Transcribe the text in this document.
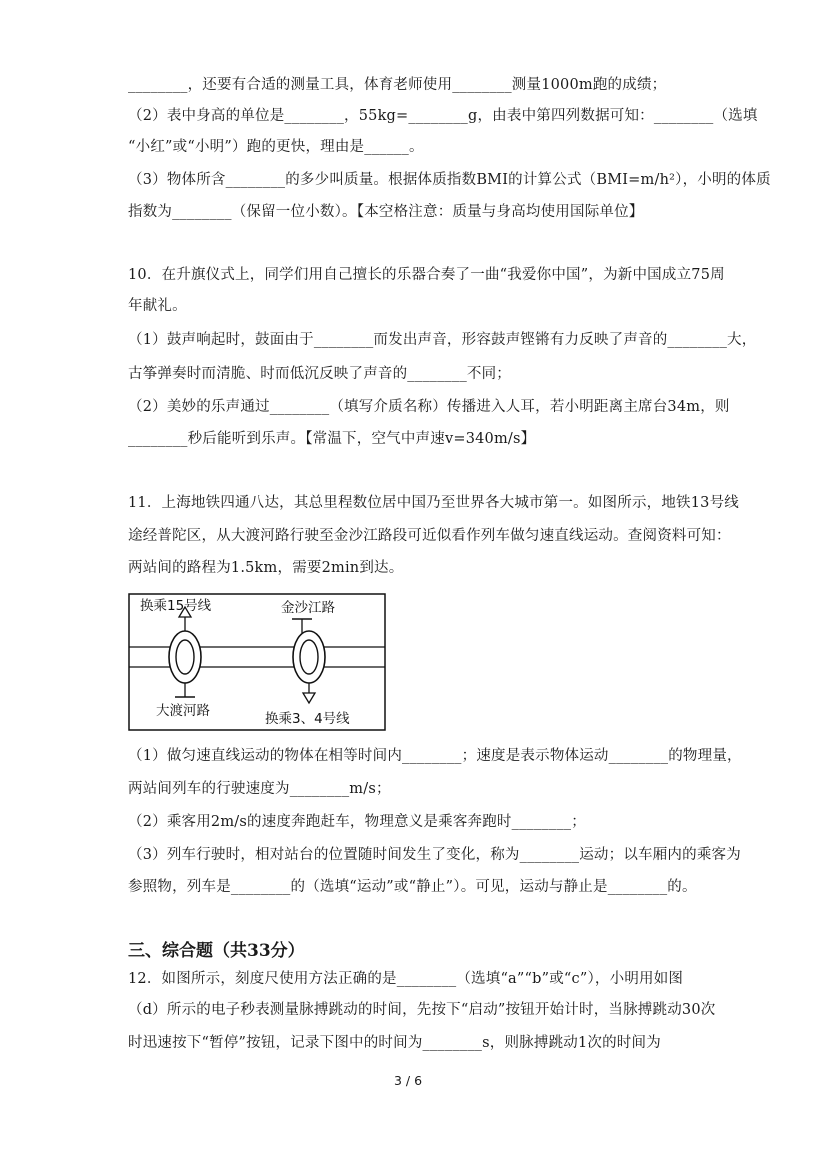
________，还要有合适的测量工具，体育老师使用________测量1000m跑的成绩；
（2）表中身高的单位是________，55kg=________g，由表中第四列数据可知：________（选填
“小红”或“小明”）跑的更快，理由是______。
（3）物体所含________的多少叫质量。根据体质指数BMI的计算公式（BMI=m/h²），小明的体质
指数为________（保留一位小数）。【本空格注意：质量与身高均使用国际单位】
10．在升旗仪式上，同学们用自己擅长的乐器合奏了一曲“我爱你中国”，为新中国成立75周
年献礼。
（1）鼓声响起时，鼓面由于________而发出声音，形容鼓声铿锵有力反映了声音的________大，
古筝弹奏时而清脆、时而低沉反映了声音的________不同；
（2）美妙的乐声通过________（填写介质名称）传播进入人耳，若小明距离主席台34m，则
________秒后能听到乐声。【常温下，空气中声速v=340m/s】
11．上海地铁四通八达，其总里程数位居中国乃至世界各大城市第一。如图所示，地铁13号线
途经普陀区，从大渡河路行驶至金沙江路段可近似看作列车做匀速直线运动。查阅资料可知：
两站间的路程为1.5km，需要2min到达。
换乘15号线	金沙江路
大渡河路	换乘3、4号线
（1）做匀速直线运动的物体在相等时间内________；速度是表示物体运动________的物理量，
两站间列车的行驶速度为________m/s；
（2）乘客用2m/s的速度奔跑赶车，物理意义是乘客奔跑时________；
（3）列车行驶时，相对站台的位置随时间发生了变化，称为________运动；以车厢内的乘客为
参照物，列车是________的（选填“运动”或“静止”）。可见，运动与静止是________的。
三、综合题（共33分）
12．如图所示，刻度尺使用方法正确的是________（选填“a”“b”或“c”），小明用如图
（d）所示的电子秒表测量脉搏跳动的时间，先按下“启动”按钮开始计时，当脉搏跳动30次
时迅速按下“暂停”按钮，记录下图中的时间为________s，则脉搏跳动1次的时间为
3 / 6
